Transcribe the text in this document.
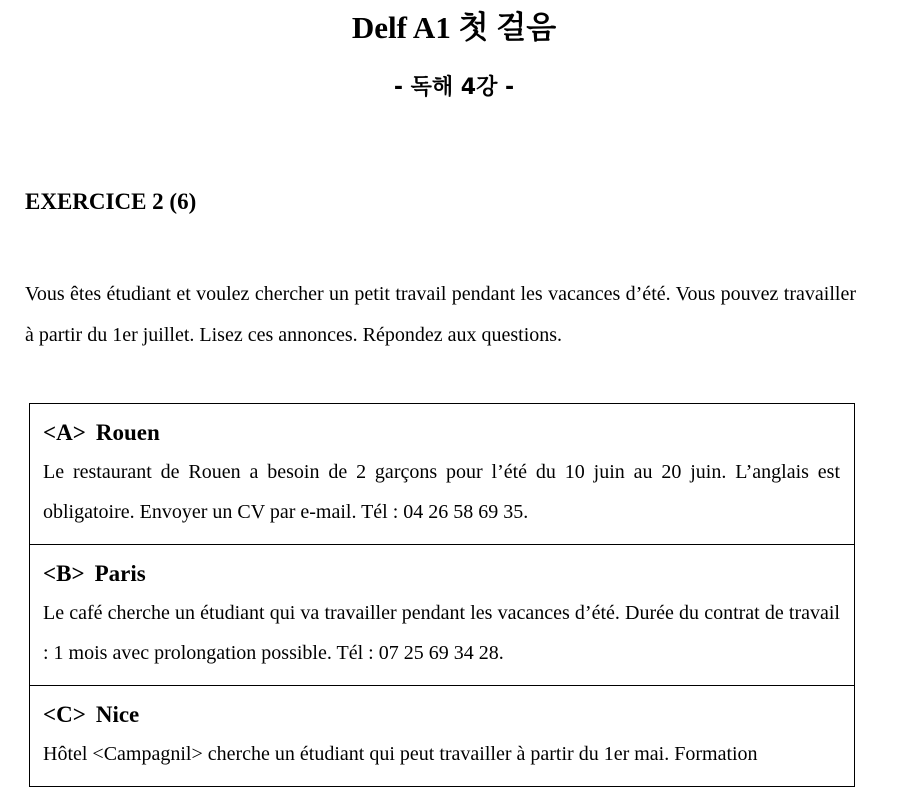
Delf A1 첫 걸음
- 독해 4강 -
EXERCICE 2 (6)
Vous êtes étudiant et voulez chercher un petit travail pendant les vacances d’été. Vous pouvez travailler à partir du 1er juillet. Lisez ces annonces. Répondez aux questions.
<A> Rouen
Le restaurant de Rouen a besoin de 2 garçons pour l’été du 10 juin au 20 juin. L’anglais est obligatoire. Envoyer un CV par e-mail. Tél : 04 26 58 69 35.
<B> Paris
Le café cherche un étudiant qui va travailler pendant les vacances d’été. Durée du contrat de travail : 1 mois avec prolongation possible. Tél : 07 25 69 34 28.
<C> Nice
Hôtel <Campagnil> cherche un étudiant qui peut travailler à partir du 1er mai. Formation
